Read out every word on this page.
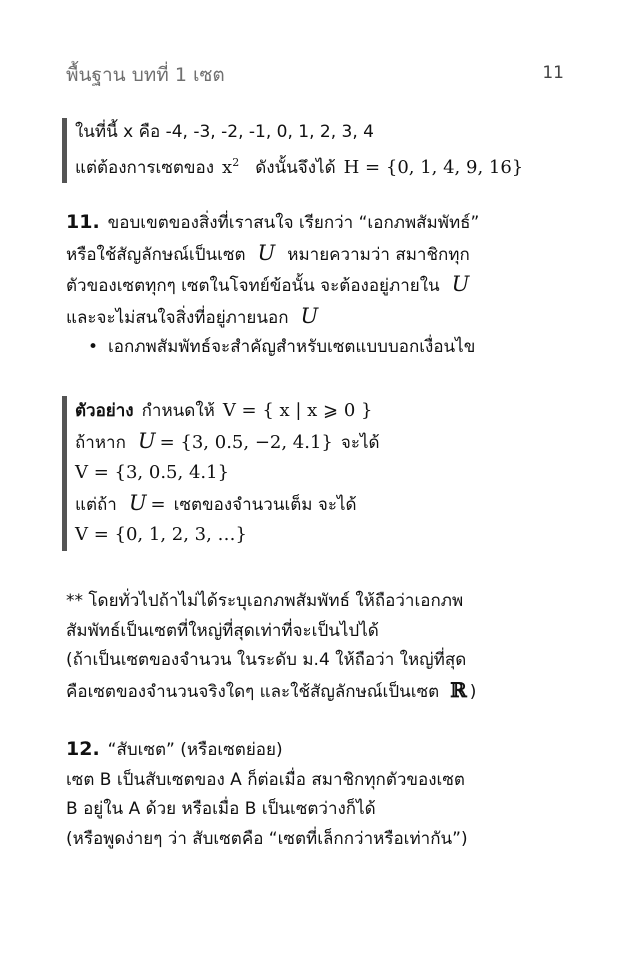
พื้นฐาน บทที่ 1 เซต	11
ในที่นี้ x คือ -4, -3, -2, -1, 0, 1, 2, 3, 4
แต่ต้องการเซตของ $x^2$ ดังนั้นจึงได้ H = {0, 1, 4, 9, 16}
11. ขอบเขตของสิ่งที่เราสนใจ เรียกว่า “เอกภพสัมพัทธ์”
หรือใช้สัญลักษณ์เป็นเซต U หมายความว่า สมาชิกทุก
ตัวของเซตทุกๆ เซตในโจทย์ข้อนั้น จะต้องอยู่ภายใน U
และจะไม่สนใจสิ่งที่อยู่ภายนอก U
• เอกภพสัมพัทธ์จะสำคัญสำหรับเซตแบบบอกเงื่อนไข
ตัวอย่าง กำหนดให้ V = { x | x ⩾ 0 }
ถ้าหาก U = {3, 0.5, −2, 4.1} จะได้
V = {3, 0.5, 4.1}
แต่ถ้า U = เซตของจำนวนเต็ม จะได้
V = {0, 1, 2, 3, …}
** โดยทั่วไปถ้าไม่ได้ระบุเอกภพสัมพัทธ์ ให้ถือว่าเอกภพ
สัมพัทธ์เป็นเซตที่ใหญ่ที่สุดเท่าที่จะเป็นไปได้
(ถ้าเป็นเซตของจำนวน ในระดับ ม.4 ให้ถือว่า ใหญ่ที่สุด
คือเซตของจำนวนจริงใดๆ และใช้สัญลักษณ์เป็นเซต ℝ )
12. “สับเซต” (หรือเซตย่อย)
เซต B เป็นสับเซตของ A ก็ต่อเมื่อ สมาชิกทุกตัวของเซต
B อยู่ใน A ด้วย หรือเมื่อ B เป็นเซตว่างก็ได้
(หรือพูดง่ายๆ ว่า สับเซตคือ “เซตที่เล็กกว่าหรือเท่ากัน”)
